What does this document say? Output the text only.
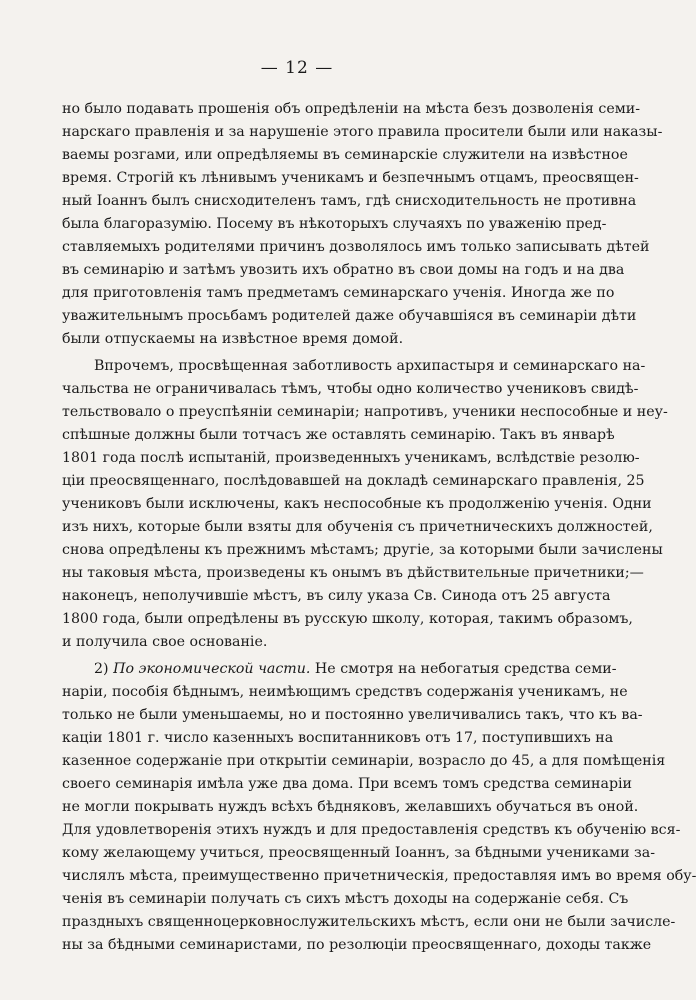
— 12 —
но было подавать прошенія объ опредѣленіи на мѣста безъ дозволенія семи-
нарскаго правленія и за нарушеніе этого правила просители были или наказы-
ваемы розгами, или опредѣляемы въ семинарскіе служители на извѣстное
время. Строгій къ лѣнивымъ ученикамъ и безпечнымъ отцамъ, преосвящен-
ный Іоаннъ былъ снисходителенъ тамъ, гдѣ снисходительность не противна
была благоразумію. Посему въ нѣкоторыхъ случаяхъ по уваженію пред-
ставляемыхъ родителями причинъ дозволялось имъ только записывать дѣтей
въ семинарію и затѣмъ увозить ихъ обратно въ свои домы на годъ и на два
для приготовленія тамъ предметамъ семинарскаго ученія. Иногда же по
уважительнымъ просьбамъ родителей даже обучавшіяся въ семинаріи дѣти
были отпускаемы на извѣстное время домой.
Впрочемъ, просвѣщенная заботливость архипастыря и семинарскаго на-
чальства не ограничивалась тѣмъ, чтобы одно количество учениковъ свидѣ-
тельствовало о преуспѣяніи семинаріи; напротивъ, ученики неспособные и неу-
спѣшные должны были тотчасъ же оставлять семинарію. Такъ въ январѣ
1801 года послѣ испытаній, произведенныхъ ученикамъ, вслѣдствіе резолю-
ціи преосвященнаго, послѣдовавшей на докладѣ семинарскаго правленія, 25
учениковъ были исключены, какъ неспособные къ продолженію ученія. Одни
изъ нихъ, которые были взяты для обученія съ причетническихъ должностей,
снова опредѣлены къ прежнимъ мѣстамъ; другіе, за которыми были зачислены
ны таковыя мѣста, произведены къ онымъ въ дѣйствительные причетники;—
наконецъ, неполучившіе мѣстъ, въ силу указа Св. Синода отъ 25 августа
1800 года, были опредѣлены въ русскую школу, которая, такимъ образомъ,
и получила свое основаніе.
2) По экономической части. Не смотря на небогатыя средства семи-
наріи, пособія бѣднымъ, неимѣющимъ средствъ содержанія ученикамъ, не
только не были уменьшаемы, но и постоянно увеличивались такъ, что къ ва-
каціи 1801 г. число казенныхъ воспитанниковъ отъ 17, поступившихъ на
казенное содержаніе при открытіи семинаріи, возрасло до 45, а для помѣщенія
своего семинарія имѣла уже два дома. При всемъ томъ средства семинаріи
не могли покрывать нуждъ всѣхъ бѣдняковъ, желавшихъ обучаться въ оной.
Для удовлетворенія этихъ нуждъ и для предоставленія средствъ къ обученію вся-
кому желающему учиться, преосвященный Іоаннъ, за бѣдными учениками за-
числялъ мѣста, преимущественно причетническія, предоставляя имъ во время обу-
ченія въ семинаріи получать съ сихъ мѣстъ доходы на содержаніе себя. Съ
праздныхъ священноцерковнослужительскихъ мѣстъ, если они не были зачисле-
ны за бѣдными семинаристами, по резолюціи преосвященнаго, доходы также
